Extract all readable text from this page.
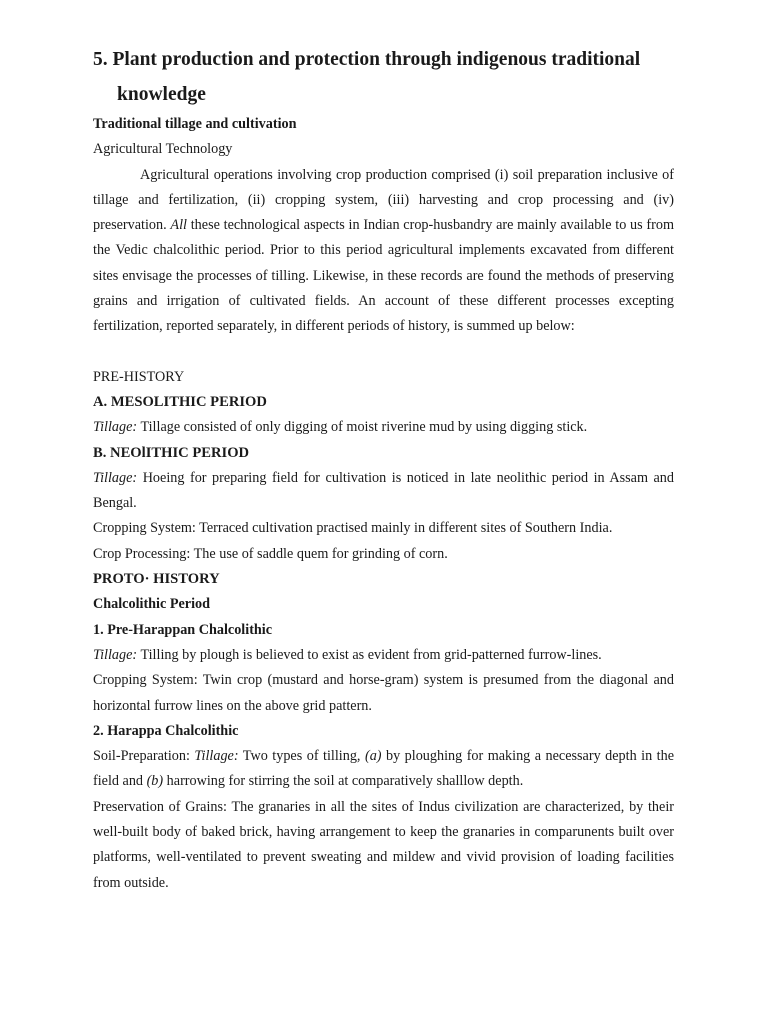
5. Plant production and protection through indigenous traditional
knowledge

Traditional tillage and cultivation

Agricultural Technology

Agricultural operations involving crop production comprised (i) soil preparation inclusive of tillage and fertilization, (ii) cropping system, (iii) harvesting and crop processing and (iv) preservation. All these technological aspects in Indian crop-husbandry are mainly available to us from the Vedic chalcolithic period. Prior to this period agricultural implements excavated from different sites envisage the processes of tilling. Likewise, in these records are found the methods of preserving grains and irrigation of cultivated fields. An account of these different processes excepting fertilization, reported separately, in different periods of history, is summed up below:

PRE-HISTORY

A. MESOLITHIC PERIOD

Tillage: Tillage consisted of only digging of moist riverine mud by using digging stick.

B. NEOlITHIC PERIOD

Tillage: Hoeing for preparing field for cultivation is noticed in late neolithic period in Assam and Bengal.

Cropping System: Terraced cultivation practised mainly in different sites of Southern India.

Crop Processing: The use of saddle quem for grinding of corn.

PROTO· HISTORY

Chalcolithic Period

1. Pre-Harappan Chalcolithic

Tillage: Tilling by plough is believed to exist as evident from grid-patterned furrow-lines.

Cropping System: Twin crop (mustard and horse-gram) system is presumed from the diagonal and horizontal furrow lines on the above grid pattern.

2. Harappa Chalcolithic

Soil-Preparation: Tillage: Two types of tilling, (a) by ploughing for making a necessary depth in the field and (b) harrowing for stirring the soil at comparatively shalllow depth.

Preservation of Grains: The granaries in all the sites of Indus civilization are characterized, by their well-built body of baked brick, having arrangement to keep the granaries in comparunents built over platforms, well-ventilated to prevent sweating and mildew and vivid provision of loading facilities from outside.
